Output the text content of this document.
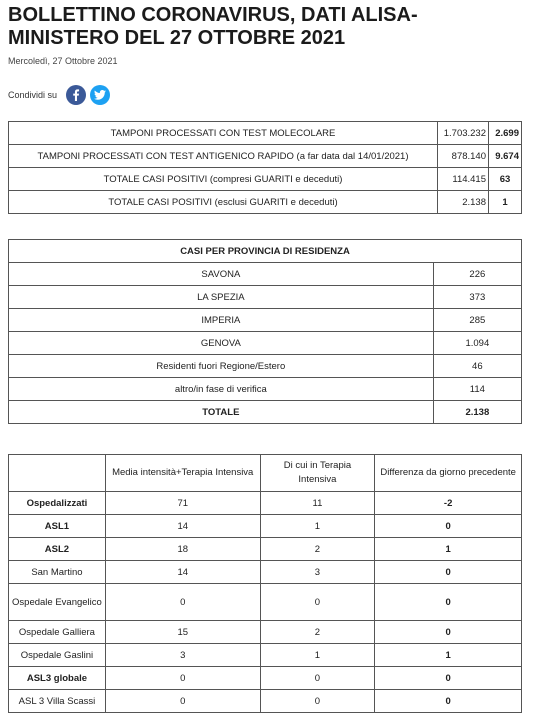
BOLLETTINO CORONAVIRUS, DATI ALISA-MINISTERO DEL 27 OTTOBRE 2021
Mercoledì, 27 Ottobre 2021
Condividi su
TAMPONI PROCESSATI CON TEST MOLECOLARE	1.703.232	2.699
TAMPONI PROCESSATI CON TEST ANTIGENICO RAPIDO (a far data dal 14/01/2021)	878.140	9.674
TOTALE CASI POSITIVI (compresi GUARITI e deceduti)	114.415	63
TOTALE CASI POSITIVI (esclusi GUARITI e deceduti)	2.138	1
CASI PER PROVINCIA DI RESIDENZA	
SAVONA	226
LA SPEZIA	373
IMPERIA	285
GENOVA	1.094
Residenti fuori Regione/Estero	46
altro/in fase di verifica	114
TOTALE	2.138
	Media intensità+Terapia Intensiva	Di cui in Terapia Intensiva	Differenza da giorno precedente
Ospedalizzati	71	11	-2
ASL1	14	1	0
ASL2	18	2	1
San Martino	14	3	0
Ospedale Evangelico	0	0	0
Ospedale Galliera	15	2	0
Ospedale Gaslini	3	1	1
ASL3 globale	0	0	0
ASL 3 Villa Scassi	0	0	0
